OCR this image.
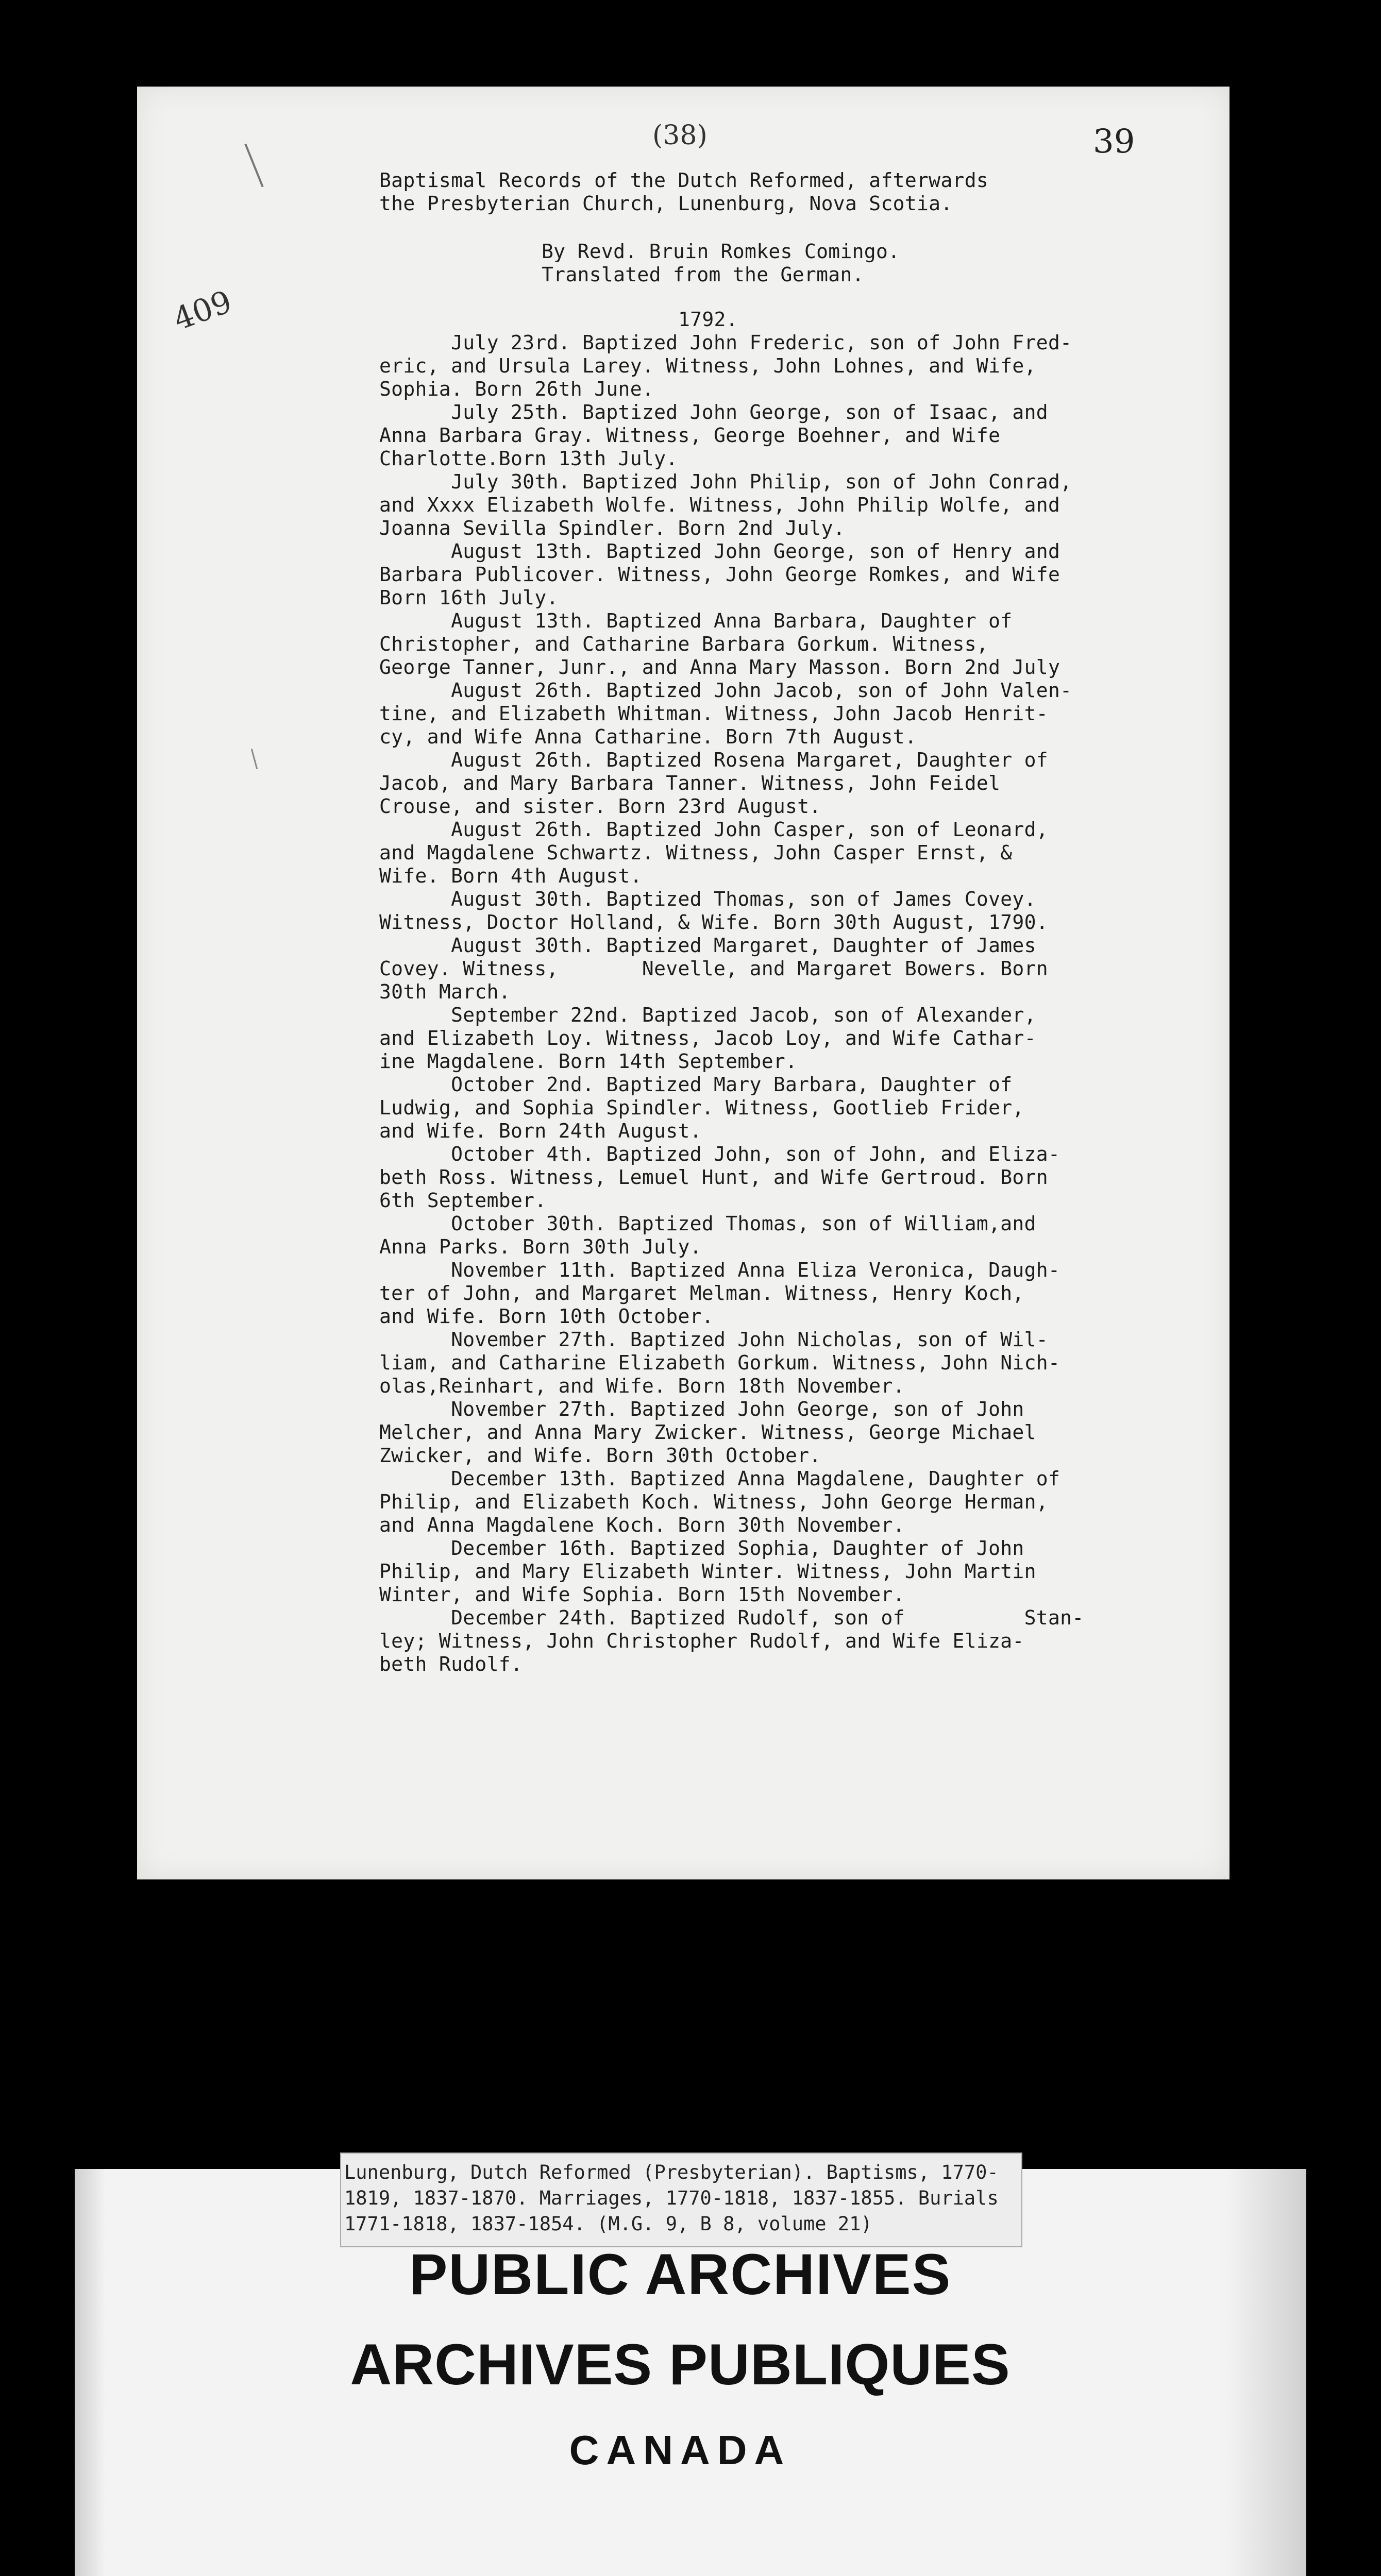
409
(38)	39
Baptismal Records of the Dutch Reformed, afterwards
the Presbyterian Church, Lunenburg, Nova Scotia.
By Revd. Bruin Romkes Comingo.
Translated from the German.
1792.
July 23rd. Baptized John Frederic, son of John Fred-
eric, and Ursula Larey. Witness, John Lohnes, and Wife,
Sophia. Born 26th June.
July 25th. Baptized John George, son of Isaac, and
Anna Barbara Gray. Witness, George Boehner, and Wife
Charlotte.Born 13th July.
July 30th. Baptized John Philip, son of John Conrad,
and Xxxx Elizabeth Wolfe. Witness, John Philip Wolfe, and
Joanna Sevilla Spindler. Born 2nd July.
August 13th. Baptized John George, son of Henry and
Barbara Publicover. Witness, John George Romkes, and Wife
Born 16th July.
August 13th. Baptized Anna Barbara, Daughter of
Christopher, and Catharine Barbara Gorkum. Witness,
George Tanner, Junr., and Anna Mary Masson. Born 2nd July
August 26th. Baptized John Jacob, son of John Valen-
tine, and Elizabeth Whitman. Witness, John Jacob Henrit-
cy, and Wife Anna Catharine. Born 7th August.
August 26th. Baptized Rosena Margaret, Daughter of
Jacob, and Mary Barbara Tanner. Witness, John Feidel
Crouse, and sister. Born 23rd August.
August 26th. Baptized John Casper, son of Leonard,
and Magdalene Schwartz. Witness, John Casper Ernst, &
Wife. Born 4th August.
August 30th. Baptized Thomas, son of James Covey.
Witness, Doctor Holland, & Wife. Born 30th August, 1790.
August 30th. Baptized Margaret, Daughter of James
Covey. Witness,       Nevelle, and Margaret Bowers. Born
30th March.
September 22nd. Baptized Jacob, son of Alexander,
and Elizabeth Loy. Witness, Jacob Loy, and Wife Cathar-
ine Magdalene. Born 14th September.
October 2nd. Baptized Mary Barbara, Daughter of
Ludwig, and Sophia Spindler. Witness, Gootlieb Frider,
and Wife. Born 24th August.
October 4th. Baptized John, son of John, and Eliza-
beth Ross. Witness, Lemuel Hunt, and Wife Gertroud. Born
6th September.
October 30th. Baptized Thomas, son of William,and
Anna Parks. Born 30th July.
November 11th. Baptized Anna Eliza Veronica, Daugh-
ter of John, and Margaret Melman. Witness, Henry Koch,
and Wife. Born 10th October.
November 27th. Baptized John Nicholas, son of Wil-
liam, and Catharine Elizabeth Gorkum. Witness, John Nich-
olas,Reinhart, and Wife. Born 18th November.
November 27th. Baptized John George, son of John
Melcher, and Anna Mary Zwicker. Witness, George Michael
Zwicker, and Wife. Born 30th October.
December 13th. Baptized Anna Magdalene, Daughter of
Philip, and Elizabeth Koch. Witness, John George Herman,
and Anna Magdalene Koch. Born 30th November.
December 16th. Baptized Sophia, Daughter of John
Philip, and Mary Elizabeth Winter. Witness, John Martin
Winter, and Wife Sophia. Born 15th November.
December 24th. Baptized Rudolf, son of          Stan-
ley; Witness, John Christopher Rudolf, and Wife Eliza-
beth Rudolf.
Lunenburg, Dutch Reformed (Presbyterian). Baptisms, 1770-
1819, 1837-1870. Marriages, 1770-1818, 1837-1855. Burials
1771-1818, 1837-1854. (M.G. 9, B 8, volume 21)
PUBLIC ARCHIVES
ARCHIVES PUBLIQUES
CANADA
